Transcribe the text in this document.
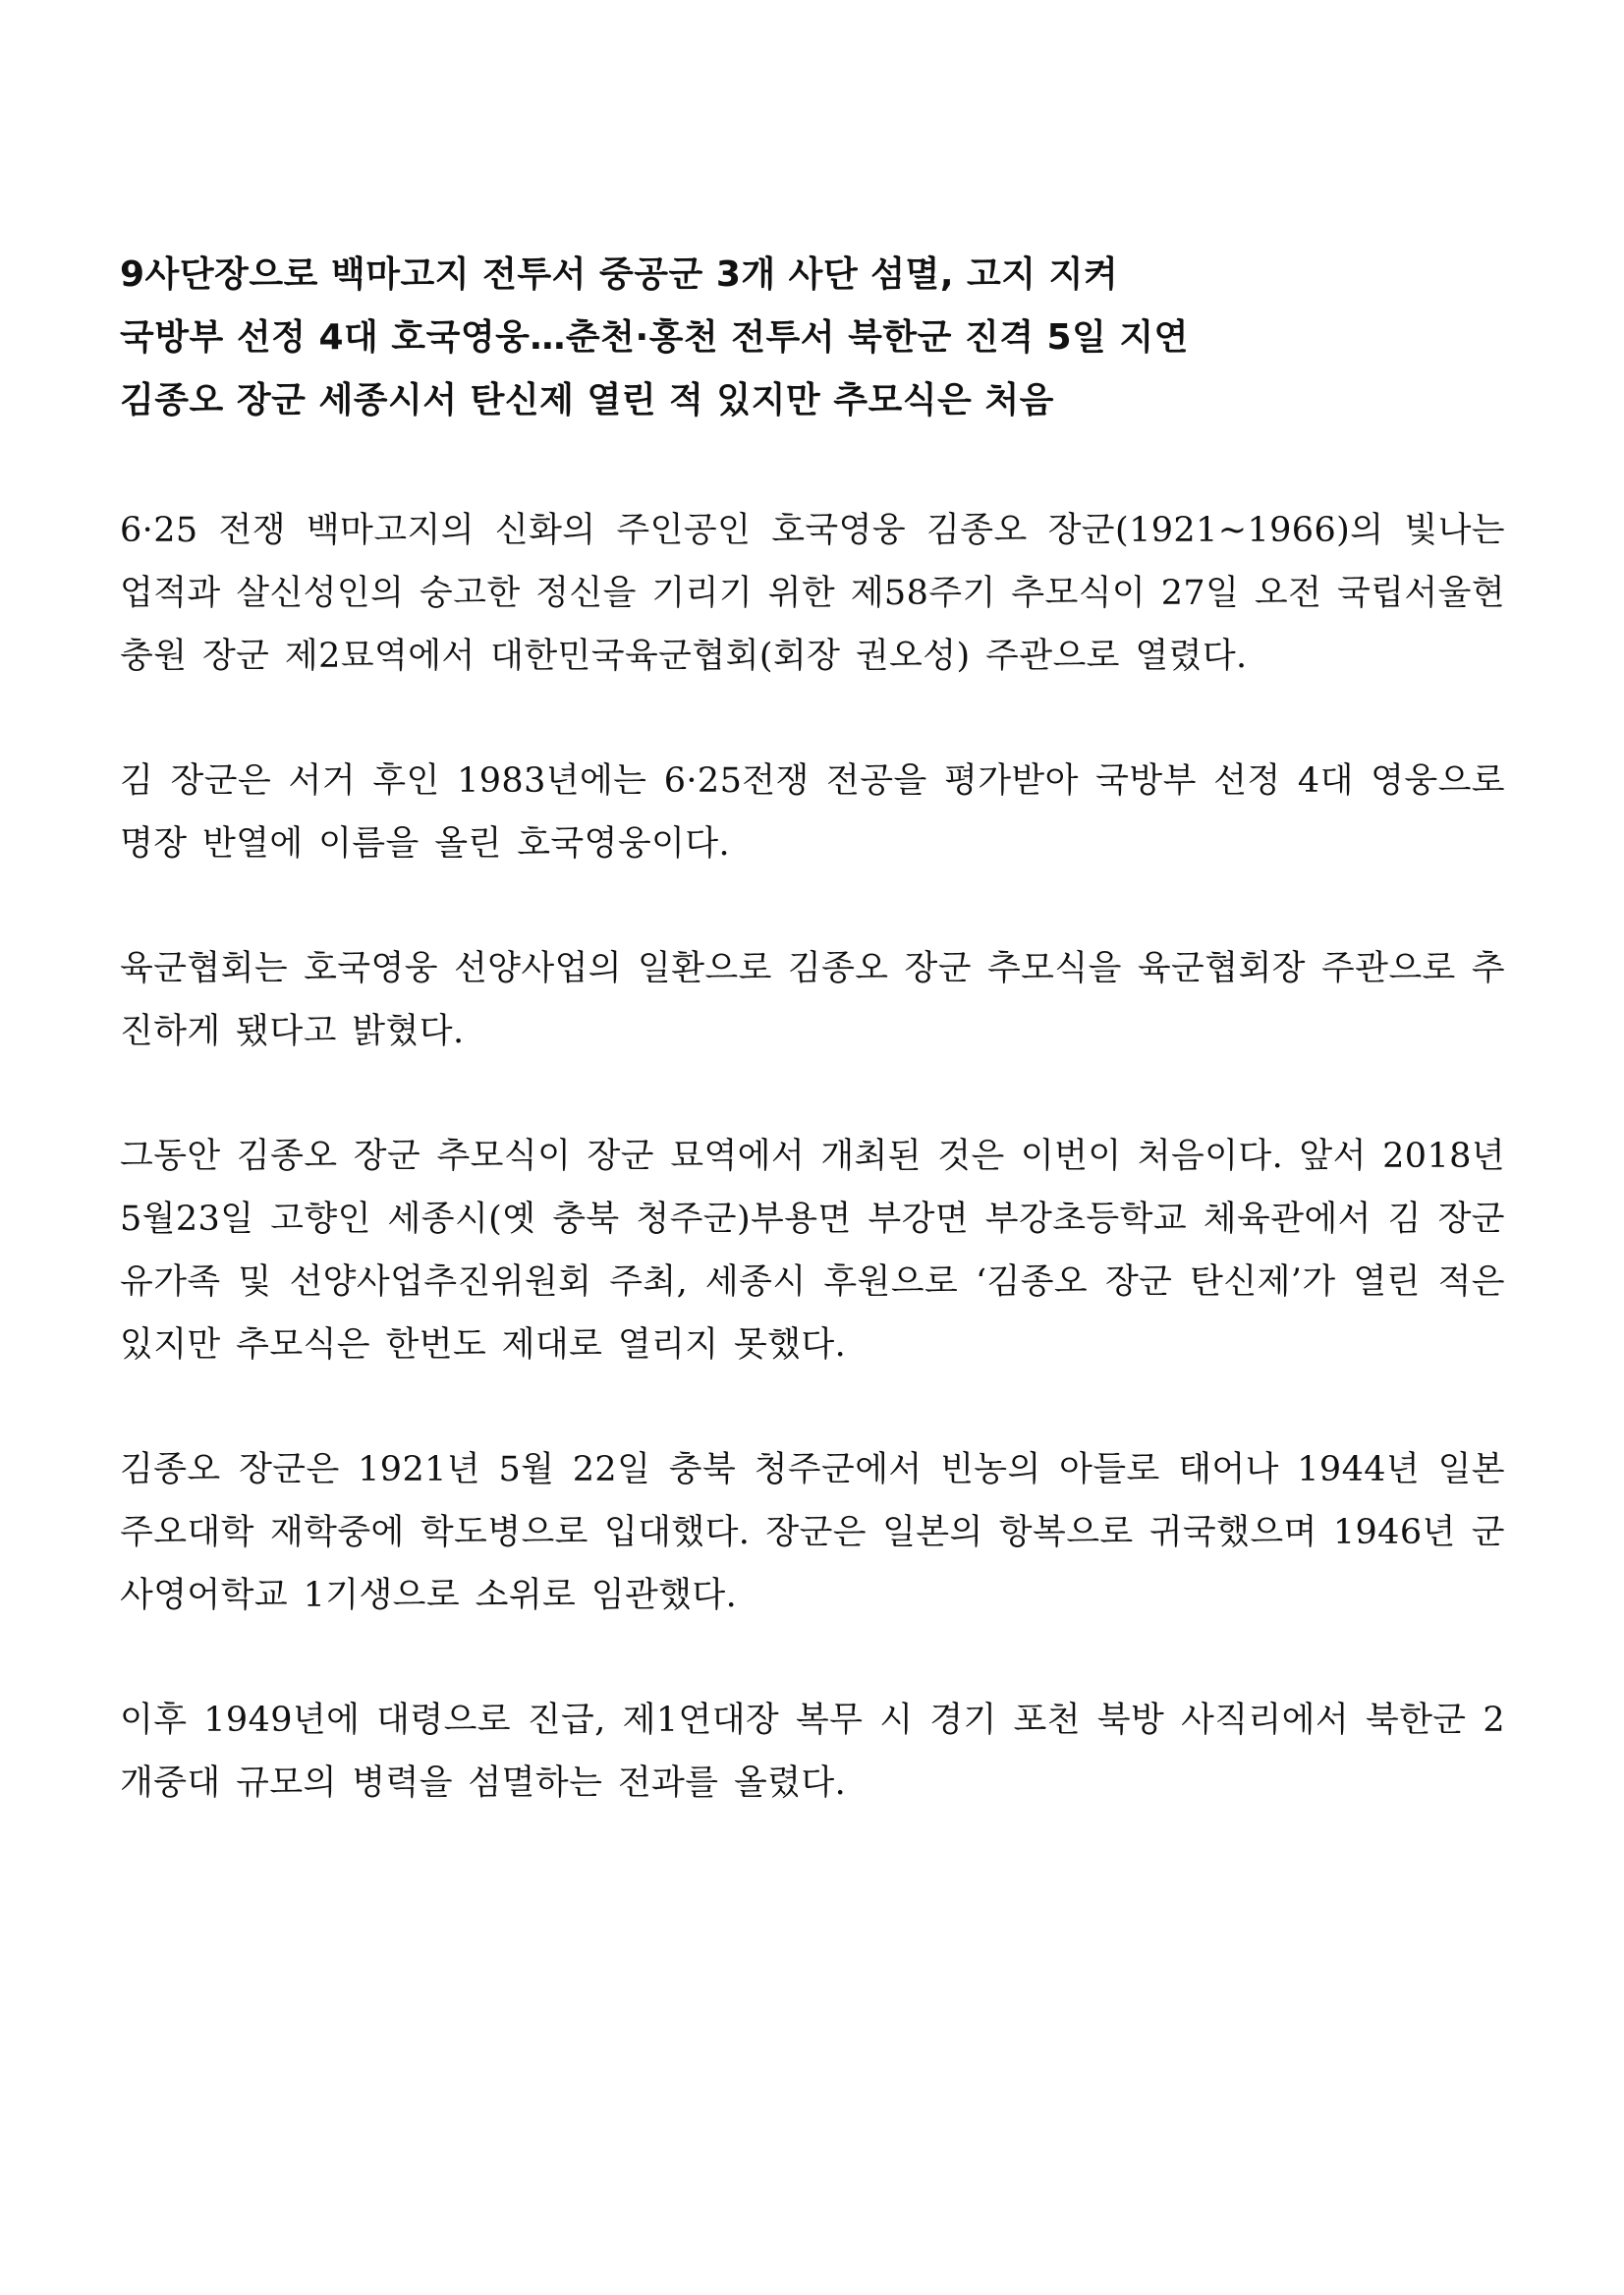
9사단장으로 백마고지 전투서 중공군 3개 사단 섬멸, 고지 지켜
국방부 선정 4대 호국영웅…춘천·홍천 전투서 북한군 진격 5일 지연
김종오 장군 세종시서 탄신제 열린 적 있지만 추모식은 처음

6·25 전쟁 백마고지의 신화의 주인공인 호국영웅 김종오 장군(1921~1966)의 빛나는 업적과 살신성인의 숭고한 정신을 기리기 위한 제58주기 추모식이 27일 오전 국립서울현충원 장군 제2묘역에서 대한민국육군협회(회장 권오성) 주관으로 열렸다.

김 장군은 서거 후인 1983년에는 6·25전쟁 전공을 평가받아 국방부 선정 4대 영웅으로 명장 반열에 이름을 올린 호국영웅이다.

육군협회는 호국영웅 선양사업의 일환으로 김종오 장군 추모식을 육군협회장 주관으로 추진하게 됐다고 밝혔다.

그동안 김종오 장군 추모식이 장군 묘역에서 개최된 것은 이번이 처음이다. 앞서 2018년 5월23일 고향인 세종시(옛 충북 청주군)부용면 부강면 부강초등학교 체육관에서 김 장군 유가족 및 선양사업추진위원회 주최, 세종시 후원으로 ‘김종오 장군 탄신제’가 열린 적은 있지만 추모식은 한번도 제대로 열리지 못했다.

김종오 장군은 1921년 5월 22일 충북 청주군에서 빈농의 아들로 태어나 1944년 일본 주오대학 재학중에 학도병으로 입대했다. 장군은 일본의 항복으로 귀국했으며 1946년 군사영어학교 1기생으로 소위로 임관했다.

이후 1949년에 대령으로 진급, 제1연대장 복무 시 경기 포천 북방 사직리에서 북한군 2개중대 규모의 병력을 섬멸하는 전과를 올렸다.
